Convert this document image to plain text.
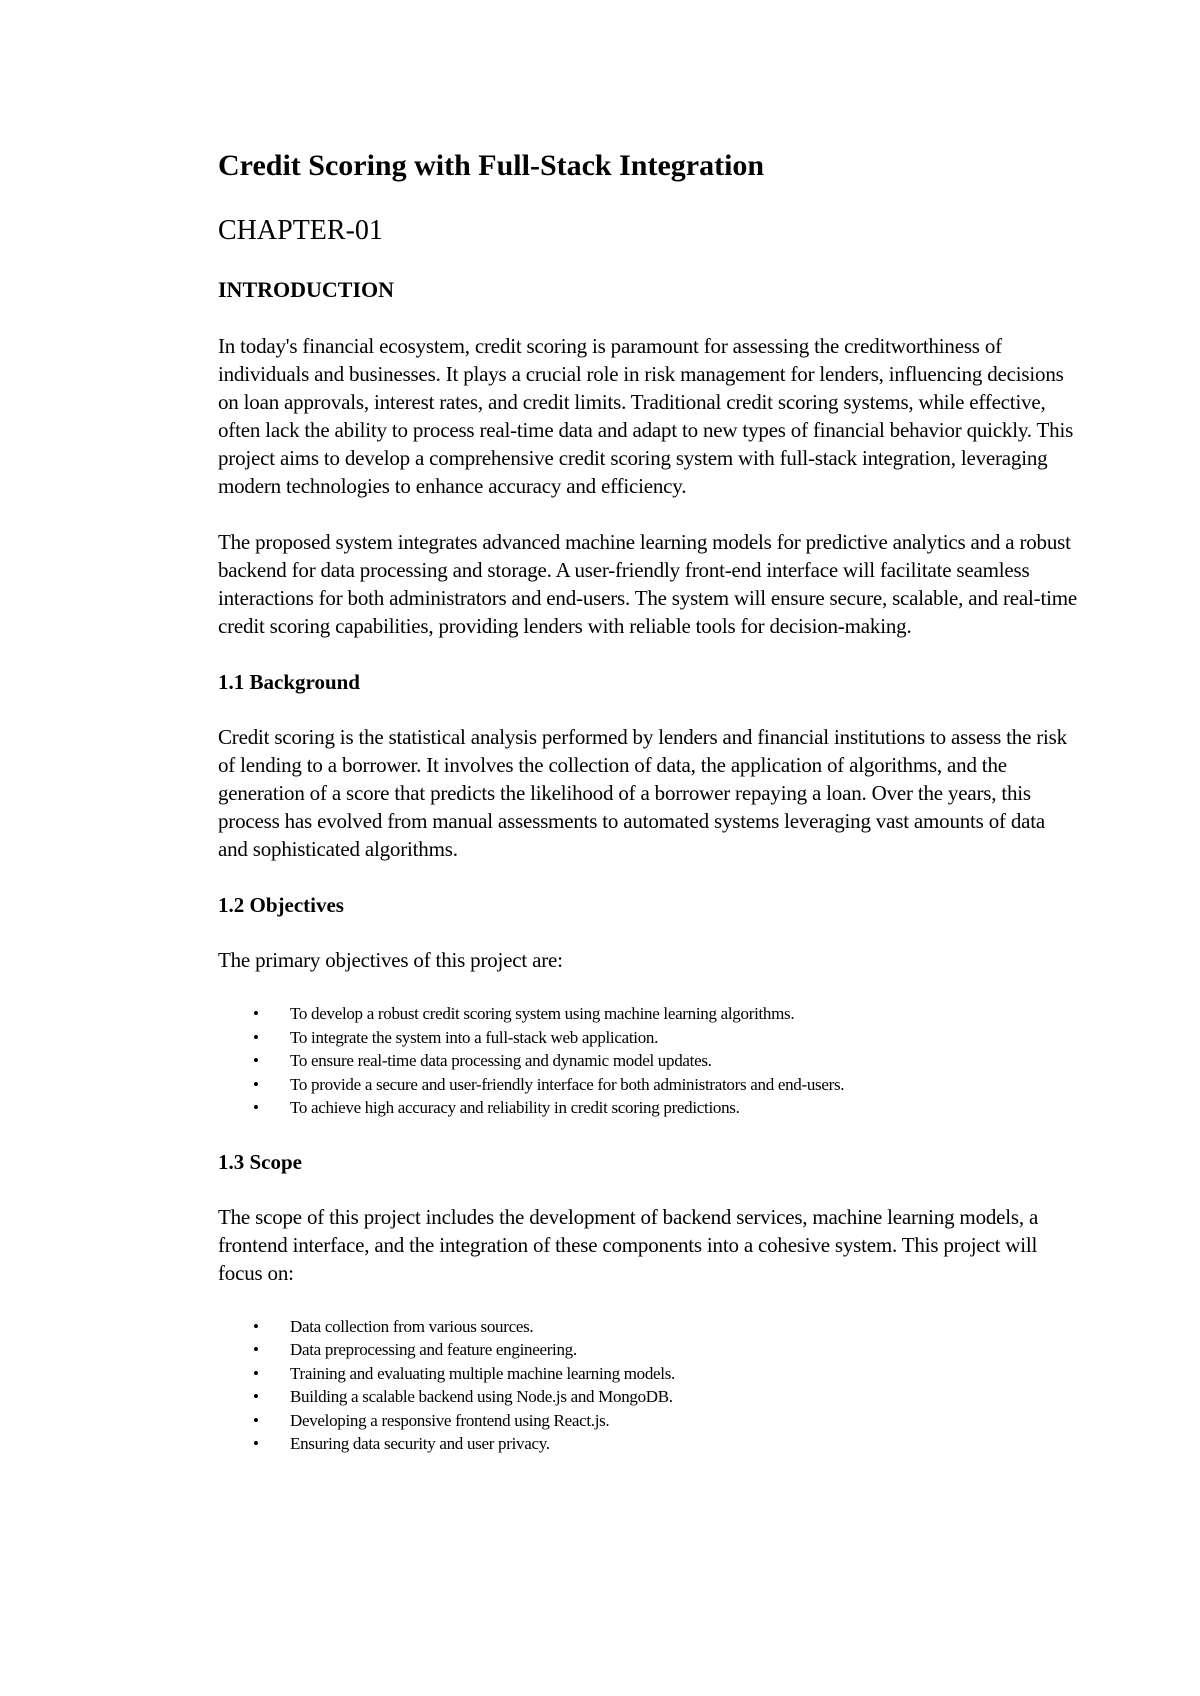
Credit Scoring with Full-Stack Integration
CHAPTER-01
INTRODUCTION

In today's financial ecosystem, credit scoring is paramount for assessing the creditworthiness of individuals and businesses. It plays a crucial role in risk management for lenders, influencing decisions on loan approvals, interest rates, and credit limits. Traditional credit scoring systems, while effective, often lack the ability to process real-time data and adapt to new types of financial behavior quickly. This project aims to develop a comprehensive credit scoring system with full-stack integration, leveraging modern technologies to enhance accuracy and efficiency.

The proposed system integrates advanced machine learning models for predictive analytics and a robust backend for data processing and storage. A user-friendly front-end interface will facilitate seamless interactions for both administrators and end-users. The system will ensure secure, scalable, and real-time credit scoring capabilities, providing lenders with reliable tools for decision-making.

1.1 Background

Credit scoring is the statistical analysis performed by lenders and financial institutions to assess the risk of lending to a borrower. It involves the collection of data, the application of algorithms, and the generation of a score that predicts the likelihood of a borrower repaying a loan. Over the years, this process has evolved from manual assessments to automated systems leveraging vast amounts of data and sophisticated algorithms.

1.2 Objectives

The primary objectives of this project are:

• To develop a robust credit scoring system using machine learning algorithms.
• To integrate the system into a full-stack web application.
• To ensure real-time data processing and dynamic model updates.
• To provide a secure and user-friendly interface for both administrators and end-users.
• To achieve high accuracy and reliability in credit scoring predictions.
1.3 Scope

The scope of this project includes the development of backend services, machine learning models, a frontend interface, and the integration of these components into a cohesive system. This project will focus on:

• Data collection from various sources.
• Data preprocessing and feature engineering.
• Training and evaluating multiple machine learning models.
• Building a scalable backend using Node.js and MongoDB.
• Developing a responsive frontend using React.js.
• Ensuring data security and user privacy.
